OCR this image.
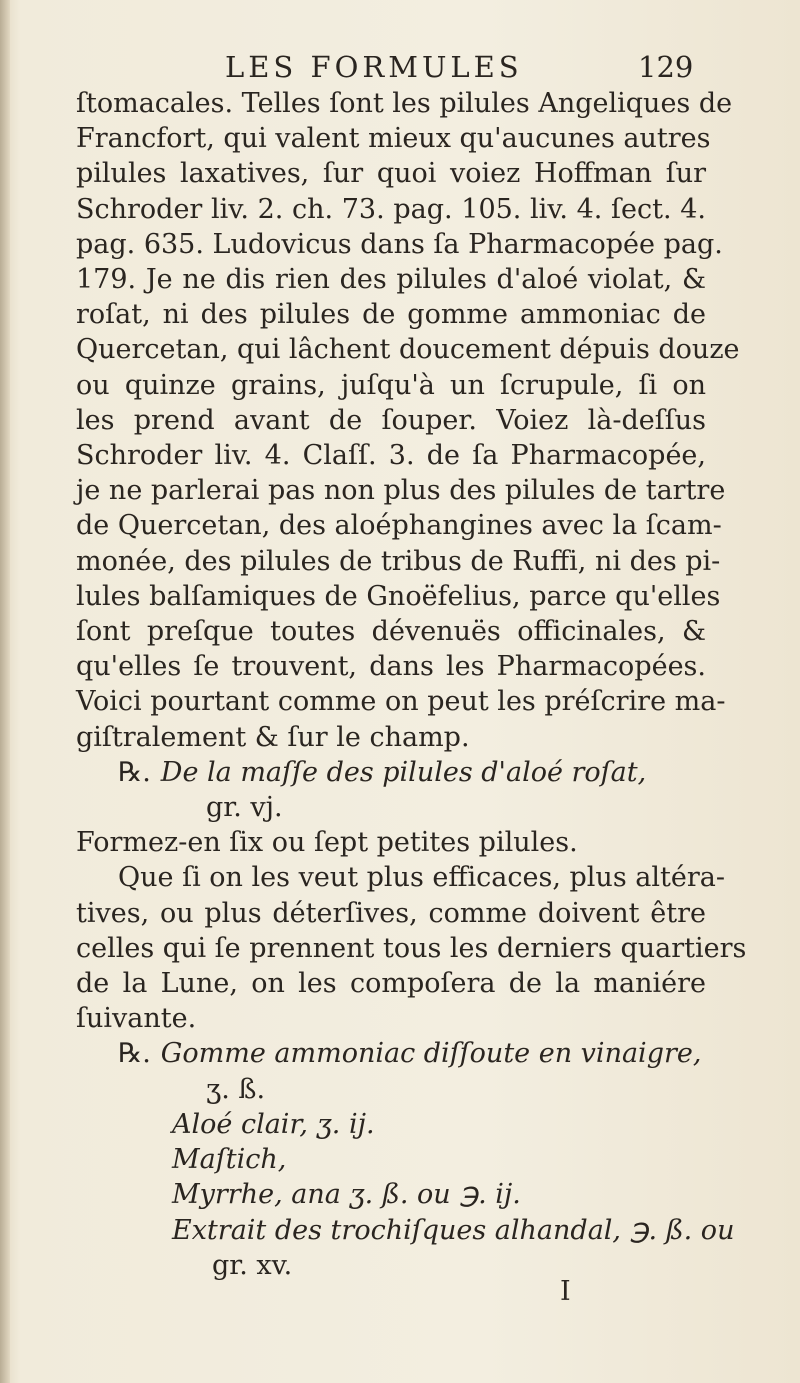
LES FORMULES	129
ſtomacales. Telles ſont les pilules Angeliques de
Francfort, qui valent mieux qu'aucunes autres
pilules laxatives, ſur quoi voiez Hoffman ſur
Schroder liv. 2. ch. 73. pag. 105. liv. 4. ſect. 4.
pag. 635. Ludovicus dans ſa Pharmacopée pag.
179. Je ne dis rien des pilules d'aloé violat, &
roſat, ni des pilules de gomme ammoniac de
Quercetan, qui lâchent doucement dépuis douze
ou quinze grains, juſqu'à un ſcrupule, ſi on
les prend avant de ſouper. Voiez là-deſſus
Schroder liv. 4. Claſſ. 3. de ſa Pharmacopée,
je ne parlerai pas non plus des pilules de tartre
de Quercetan, des aloéphangines avec la ſcam-
monée, des pilules de tribus de Ruffi, ni des pi-
lules balſamiques de Gnoëfelius, parce qu'elles
ſont preſque toutes dévenuës officinales, &
qu'elles ſe trouvent, dans les Pharmacopées.
Voici pourtant comme on peut les préſcrire ma-
giſtralement & ſur le champ.
℞. De la maſſe des pilules d'aloé roſat,
gr. vj.
Formez-en ſix ou ſept petites pilules.
Que ſi on les veut plus efficaces, plus altéra-
tives, ou plus déterſives, comme doivent être
celles qui ſe prennent tous les derniers quartiers
de la Lune, on les compoſera de la maniére
ſuivante.
℞. Gomme ammoniac diſſoute en vinaigre,
ʒ. ß.
Aloé clair, ʒ. ij.
Maſtich,
Myrrhe, ana ʒ. ß. ou ℈. ij.
Extrait des trochiſques alhandal, ℈. ß. ou
gr. xv.
I
